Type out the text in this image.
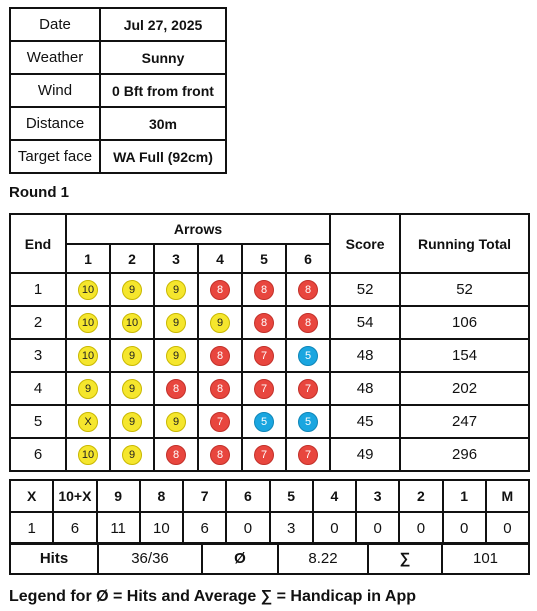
Date	Jul 27, 2025
Weather	Sunny
Wind	0 Bft from front
Distance	30m
Target face	WA Full (92cm)
Round 1
End	Arrows						Score	Running Total
	1	2	3	4	5	6		
1	10	9	9	8	8	8	52	52
2	10	10	9	9	8	8	54	106
3	10	9	9	8	7	5	48	154
4	9	9	8	8	7	7	48	202
5	X	9	9	7	5	5	45	247
6	10	9	8	8	7	7	49	296
X	10+X	9	8	7	6	5	4	3	2	1	M
1	6	11	10	6	0	3	0	0	0	0	0
Hits	36/36	Ø	8.22	∑	101
Legend for Ø = Hits and Average ∑ = Handicap in App
